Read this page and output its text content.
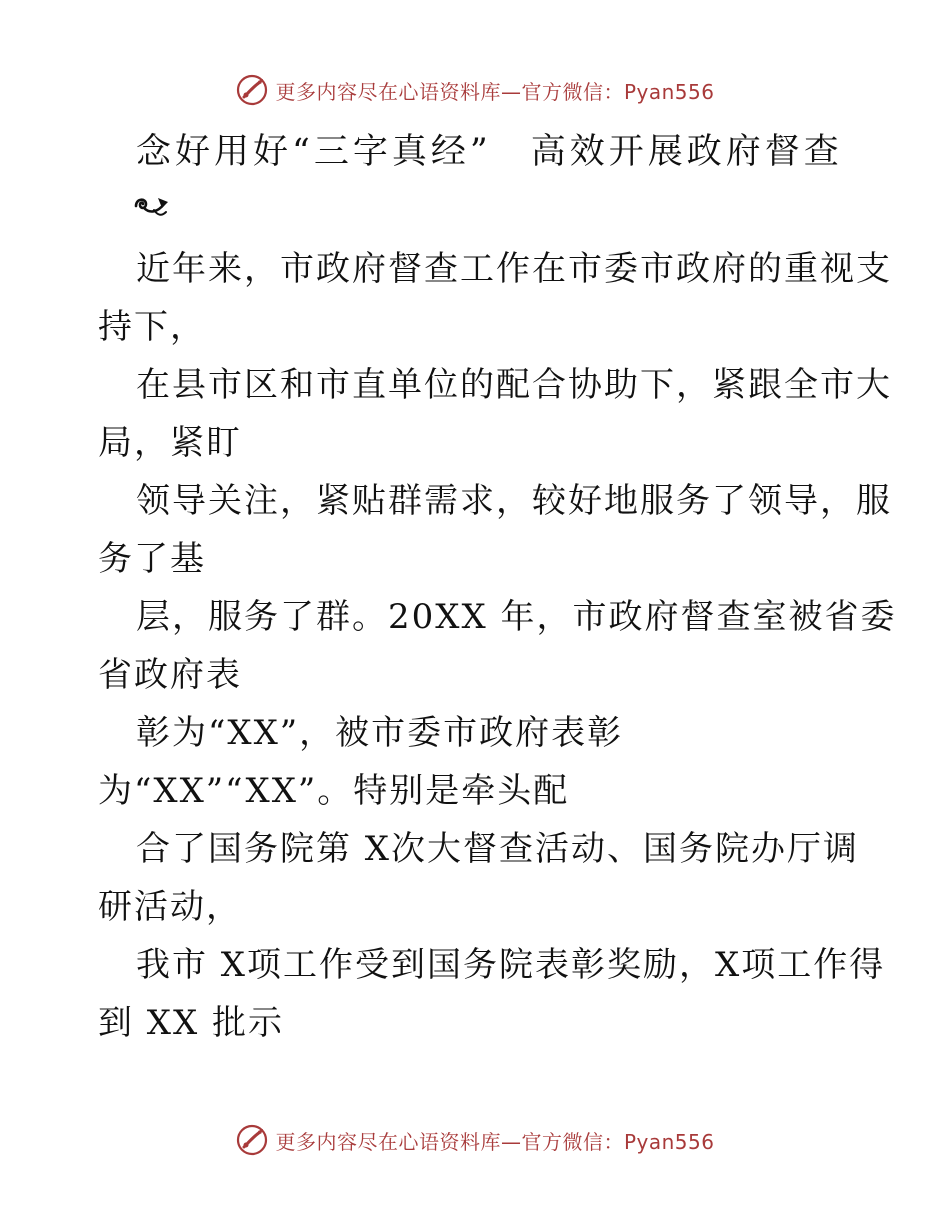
更多内容尽在心语资料库—官方微信：Pyan556
念好用好“三字真经”　高效开展政府督查

近年来，市政府督查工作在市委市政府的重视支
持下，

在县市区和市直单位的配合协助下，紧跟全市大
局，紧盯

领导关注，紧贴群需求，较好地服务了领导，服
务了基

层，服务了群。20XX 年，市政府督查室被省委
省政府表

彰为“XX”，被市委市政府表彰
为“XX”“XX”。特别是牵头配

合了国务院第 X次大督查活动、国务院办厅调
研活动，

我市 X项工作受到国务院表彰奖励，X项工作得
到 XX 批示

更多内容尽在心语资料库—官方微信：Pyan556
